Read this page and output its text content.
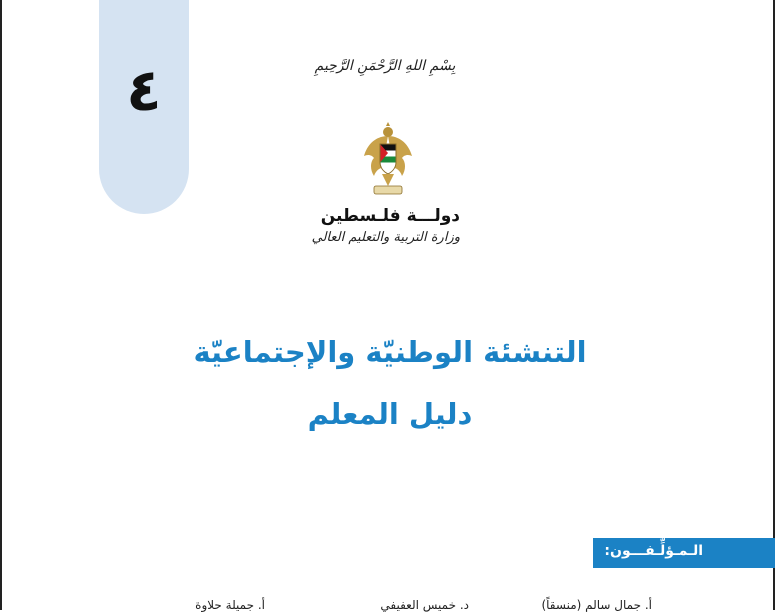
٤	بِسْمِ اللهِ الرَّحْمَنِ الرَّحِيمِ
دولـــة فلـسطين
وزارة التربية والتعليم العالي
التنشئة الوطنيّة والإجتماعيّة
دليل المعلم
الـمـؤلِّـفـــون:
أ. جمال سالم (منسقاً)
د. خميس العفيفي
أ. جميلة حلاوة
